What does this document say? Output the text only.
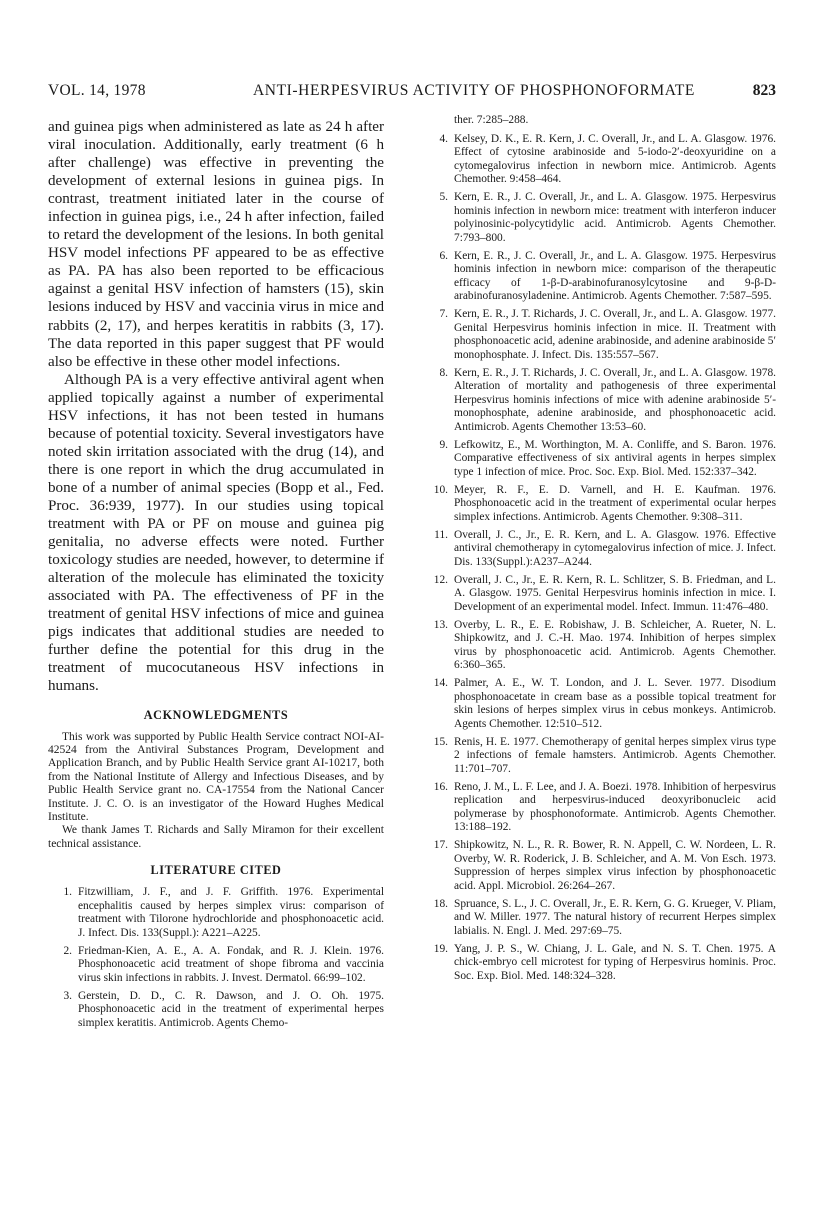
VOL. 14, 1978	ANTI-HERPESVIRUS ACTIVITY OF PHOSPHONOFORMATE	823

and guinea pigs when administered as late as 24 h after viral inoculation. Additionally, early treatment (6 h after challenge) was effective in preventing the development of external lesions in guinea pigs. In contrast, treatment initiated later in the course of infection in guinea pigs, i.e., 24 h after infection, failed to retard the development of the lesions. In both genital HSV model infections PF appeared to be as effective as PA. PA has also been reported to be efficacious against a genital HSV infection of hamsters (15), skin lesions induced by HSV and vaccinia virus in mice and rabbits (2, 17), and herpes keratitis in rabbits (3, 17). The data reported in this paper suggest that PF would also be effective in these other model infections.

Although PA is a very effective antiviral agent when applied topically against a number of experimental HSV infections, it has not been tested in humans because of potential toxicity. Several investigators have noted skin irritation associated with the drug (14), and there is one report in which the drug accumulated in bone of a number of animal species (Bopp et al., Fed. Proc. 36:939, 1977). In our studies using topical treatment with PA or PF on mouse and guinea pig genitalia, no adverse effects were noted. Further toxicology studies are needed, however, to determine if alteration of the molecule has eliminated the toxicity associated with PA. The effectiveness of PF in the treatment of genital HSV infections of mice and guinea pigs indicates that additional studies are needed to further define the potential for this drug in the treatment of mucocutaneous HSV infections in humans.

ACKNOWLEDGMENTS

This work was supported by Public Health Service contract NOI-AI-42524 from the Antiviral Substances Program, Development and Application Branch, and by Public Health Service grant AI-10217, both from the National Institute of Allergy and Infectious Diseases, and by Public Health Service grant no. CA-17554 from the National Cancer Institute. J. C. O. is an investigator of the Howard Hughes Medical Institute.

We thank James T. Richards and Sally Miramon for their excellent technical assistance.

LITERATURE CITED
1. Fitzwilliam, J. F., and J. F. Griffith. 1976. Experimental encephalitis caused by herpes simplex virus: comparison of treatment with Tilorone hydrochloride and phosphonoacetic acid. J. Infect. Dis. 133(Suppl.): A221–A225.
2. Friedman-Kien, A. E., A. A. Fondak, and R. J. Klein. 1976. Phosphonoacetic acid treatment of shope fibroma and vaccinia virus skin infections in rabbits. J. Invest. Dermatol. 66:99–102.
3. Gerstein, D. D., C. R. Dawson, and J. O. Oh. 1975. Phosphonoacetic acid in the treatment of experimental herpes simplex keratitis. Antimicrob. Agents Chemo-
ther. 7:285–288.
4. Kelsey, D. K., E. R. Kern, J. C. Overall, Jr., and L. A. Glasgow. 1976. Effect of cytosine arabinoside and 5-iodo-2′-deoxyuridine on a cytomegalovirus infection in newborn mice. Antimicrob. Agents Chemother. 9:458–464.
5. Kern, E. R., J. C. Overall, Jr., and L. A. Glasgow. 1975. Herpesvirus hominis infection in newborn mice: treatment with interferon inducer polyinosinic-polycytidylic acid. Antimicrob. Agents Chemother. 7:793–800.
6. Kern, E. R., J. C. Overall, Jr., and L. A. Glasgow. 1975. Herpesvirus hominis infection in newborn mice: comparison of the therapeutic efficacy of 1-β-D-arabinofuranosylcytosine and 9-β-D-arabinofuranosyladenine. Antimicrob. Agents Chemother. 7:587–595.
7. Kern, E. R., J. T. Richards, J. C. Overall, Jr., and L. A. Glasgow. 1977. Genital Herpesvirus hominis infection in mice. II. Treatment with phosphonoacetic acid, adenine arabinoside, and adenine arabinoside 5′ monophosphate. J. Infect. Dis. 135:557–567.
8. Kern, E. R., J. T. Richards, J. C. Overall, Jr., and L. A. Glasgow. 1978. Alteration of mortality and pathogenesis of three experimental Herpesvirus hominis infections of mice with adenine arabinoside 5′-monophosphate, adenine arabinoside, and phosphonoacetic acid. Antimicrob. Agents Chemother 13:53–60.
9. Lefkowitz, E., M. Worthington, M. A. Conliffe, and S. Baron. 1976. Comparative effectiveness of six antiviral agents in herpes simplex type 1 infection of mice. Proc. Soc. Exp. Biol. Med. 152:337–342.
10. Meyer, R. F., E. D. Varnell, and H. E. Kaufman. 1976. Phosphonoacetic acid in the treatment of experimental ocular herpes simplex infections. Antimicrob. Agents Chemother. 9:308–311.
11. Overall, J. C., Jr., E. R. Kern, and L. A. Glasgow. 1976. Effective antiviral chemotherapy in cytomegalovirus infection of mice. J. Infect. Dis. 133(Suppl.):A237–A244.
12. Overall, J. C., Jr., E. R. Kern, R. L. Schlitzer, S. B. Friedman, and L. A. Glasgow. 1975. Genital Herpesvirus hominis infection in mice. I. Development of an experimental model. Infect. Immun. 11:476–480.
13. Overby, L. R., E. E. Robishaw, J. B. Schleicher, A. Rueter, N. L. Shipkowitz, and J. C.-H. Mao. 1974. Inhibition of herpes simplex virus by phosphonoacetic acid. Antimicrob. Agents Chemother. 6:360–365.
14. Palmer, A. E., W. T. London, and J. L. Sever. 1977. Disodium phosphonoacetate in cream base as a possible topical treatment for skin lesions of herpes simplex virus in cebus monkeys. Antimicrob. Agents Chemother. 12:510–512.
15. Renis, H. E. 1977. Chemotherapy of genital herpes simplex virus type 2 infections of female hamsters. Antimicrob. Agents Chemother. 11:701–707.
16. Reno, J. M., L. F. Lee, and J. A. Boezi. 1978. Inhibition of herpesvirus replication and herpesvirus-induced deoxyribonucleic acid polymerase by phosphonoformate. Antimicrob. Agents Chemother. 13:188–192.
17. Shipkowitz, N. L., R. R. Bower, R. N. Appell, C. W. Nordeen, L. R. Overby, W. R. Roderick, J. B. Schleicher, and A. M. Von Esch. 1973. Suppression of herpes simplex virus infection by phosphonoacetic acid. Appl. Microbiol. 26:264–267.
18. Spruance, S. L., J. C. Overall, Jr., E. R. Kern, G. G. Krueger, V. Pliam, and W. Miller. 1977. The natural history of recurrent Herpes simplex labialis. N. Engl. J. Med. 297:69–75.
19. Yang, J. P. S., W. Chiang, J. L. Gale, and N. S. T. Chen. 1975. A chick-embryo cell microtest for typing of Herpesvirus hominis. Proc. Soc. Exp. Biol. Med. 148:324–328.
